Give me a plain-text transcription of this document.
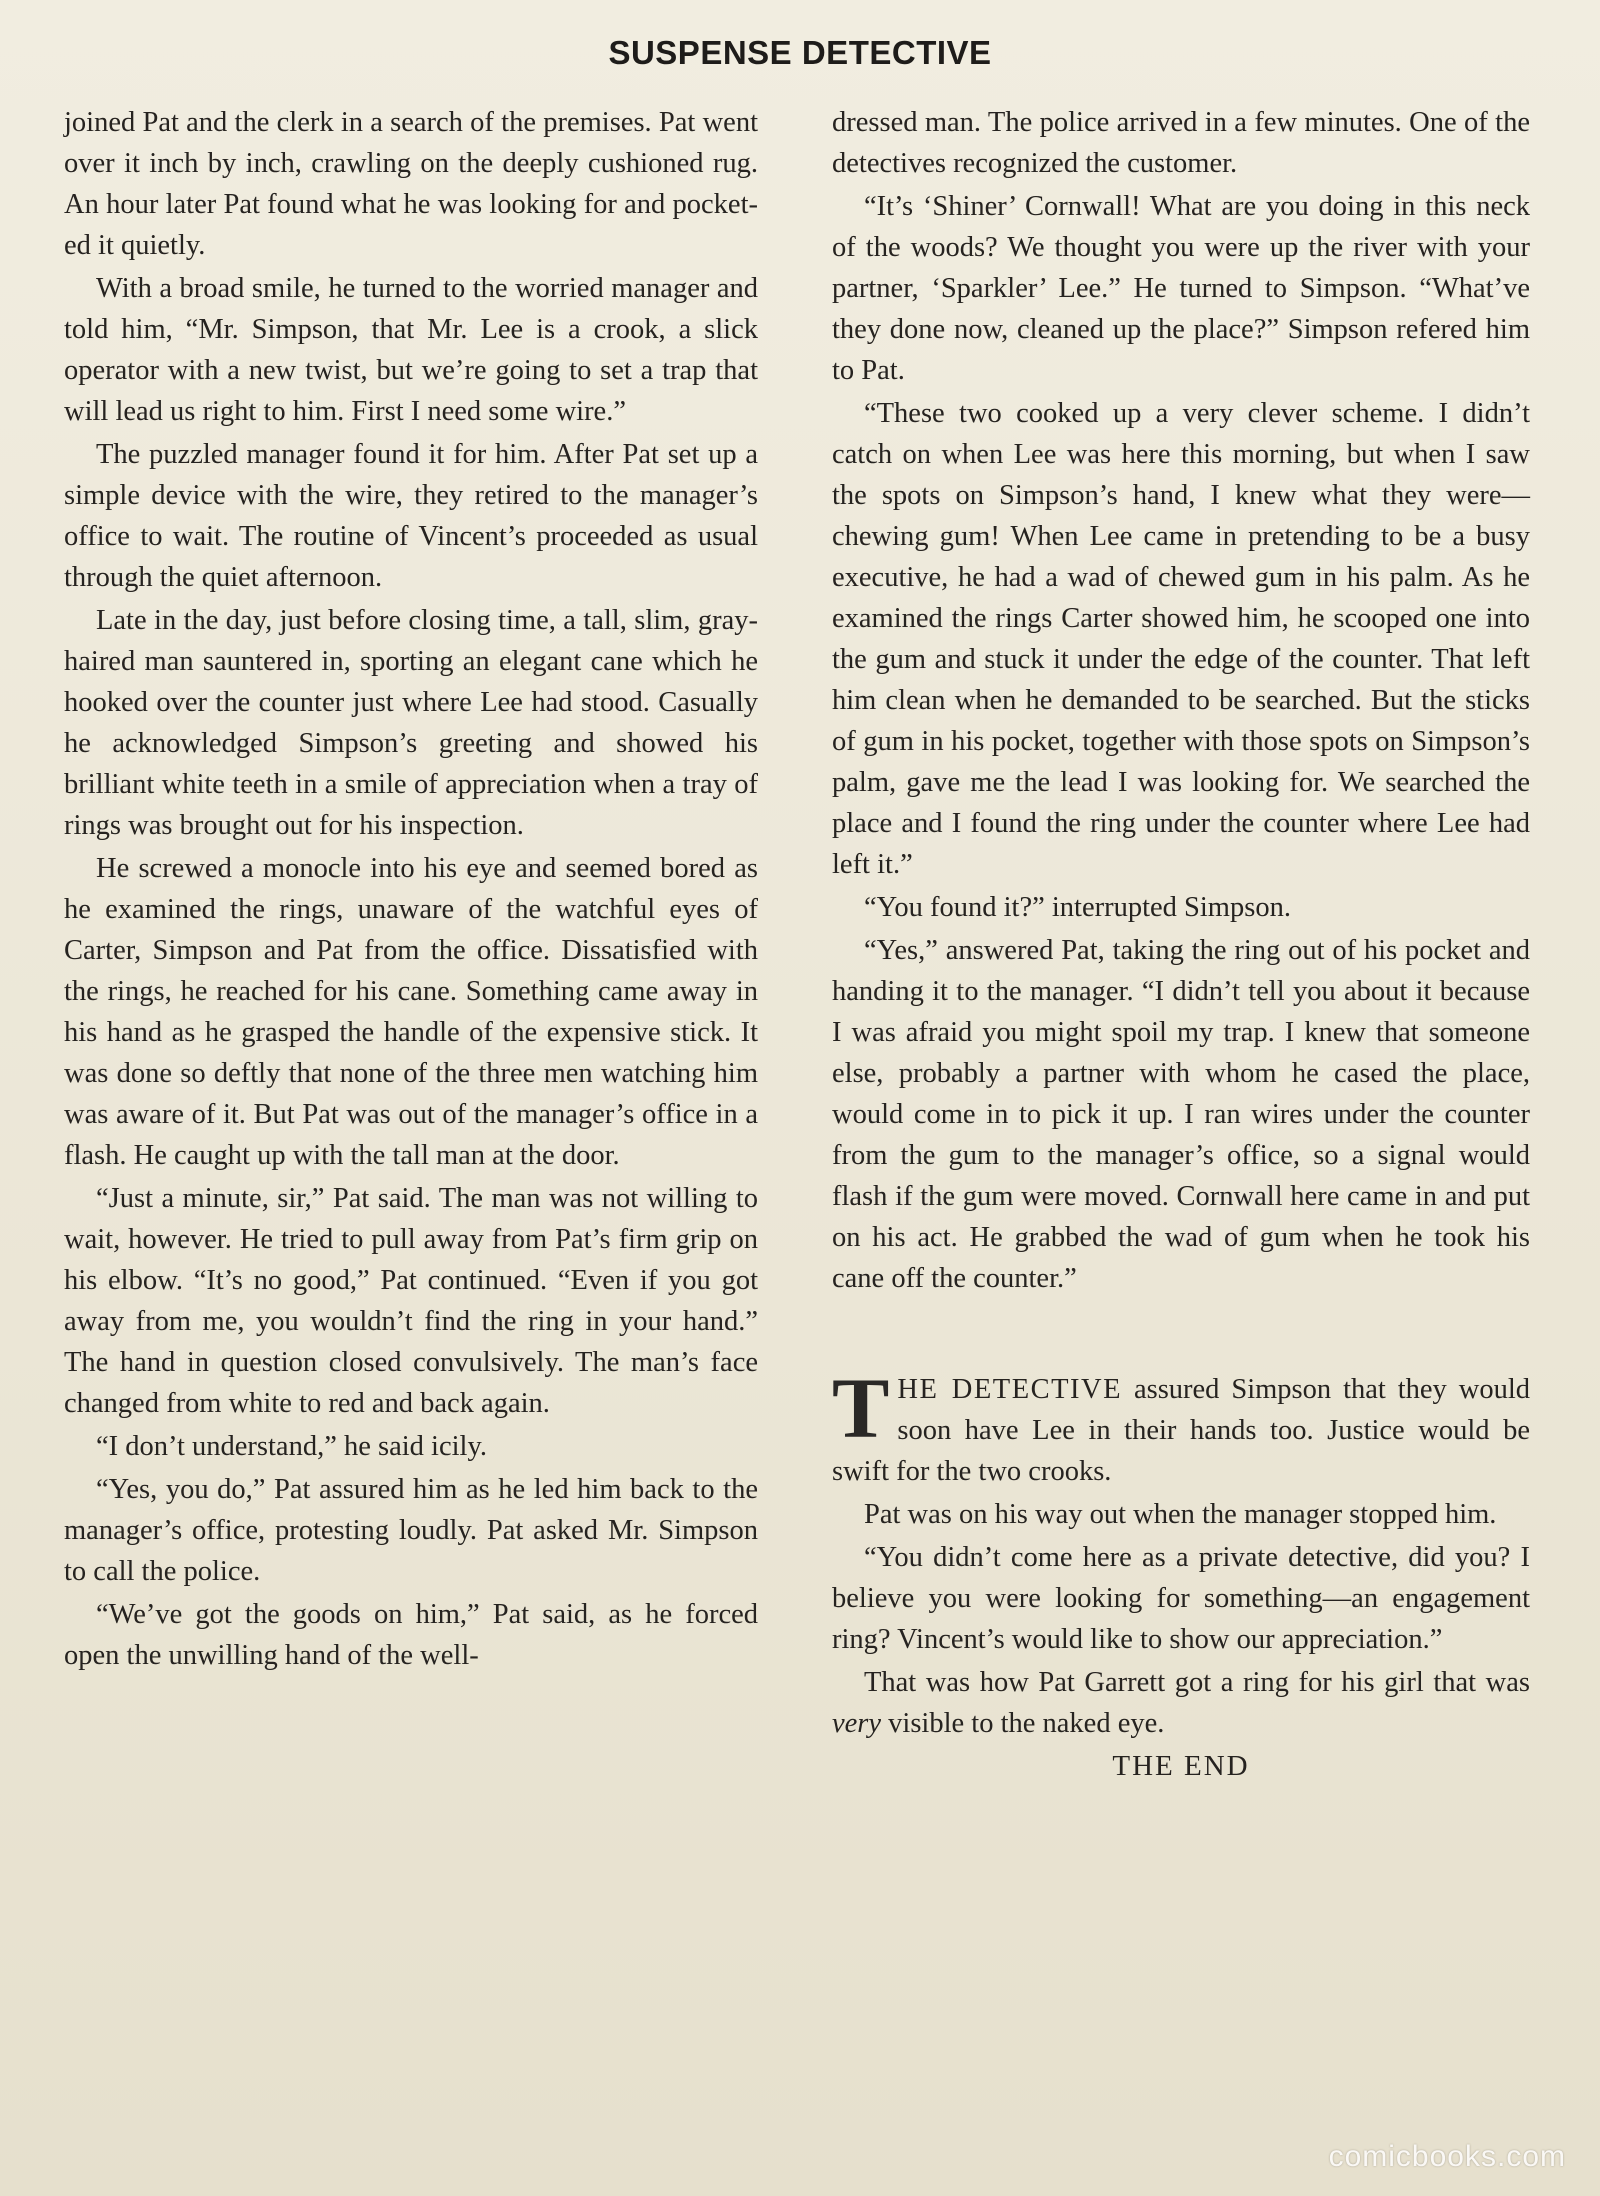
SUSPENSE DETECTIVE

joined Pat and the clerk in a search of the premises. Pat went over it inch by inch, crawling on the deeply cushioned rug. An hour later Pat found what he was looking for and pocketed it quietly.

With a broad smile, he turned to the worried manager and told him, “Mr. Simpson, that Mr. Lee is a crook, a slick operator with a new twist, but we’re going to set a trap that will lead us right to him. First I need some wire.”

The puzzled manager found it for him. After Pat set up a simple device with the wire, they retired to the manager’s office to wait. The routine of Vincent’s proceeded as usual through the quiet afternoon.

Late in the day, just before closing time, a tall, slim, gray-haired man sauntered in, sporting an elegant cane which he hooked over the counter just where Lee had stood. Casually he acknowledged Simpson’s greeting and showed his brilliant white teeth in a smile of appreciation when a tray of rings was brought out for his inspection.

He screwed a monocle into his eye and seemed bored as he examined the rings, unaware of the watchful eyes of Carter, Simpson and Pat from the office. Dissatisfied with the rings, he reached for his cane. Something came away in his hand as he grasped the handle of the expensive stick. It was done so deftly that none of the three men watching him was aware of it. But Pat was out of the manager’s office in a flash. He caught up with the tall man at the door.

“Just a minute, sir,” Pat said. The man was not willing to wait, however. He tried to pull away from Pat’s firm grip on his elbow. “It’s no good,” Pat continued. “Even if you got away from me, you wouldn’t find the ring in your hand.” The hand in question closed convulsively. The man’s face changed from white to red and back again.

“I don’t understand,” he said icily.

“Yes, you do,” Pat assured him as he led him back to the manager’s office, protesting loudly. Pat asked Mr. Simpson to call the police.

“We’ve got the goods on him,” Pat said, as he forced open the unwilling hand of the well-

dressed man. The police arrived in a few minutes. One of the detectives recognized the customer.

“It’s ‘Shiner’ Cornwall! What are you doing in this neck of the woods? We thought you were up the river with your partner, ‘Sparkler’ Lee.” He turned to Simpson. “What’ve they done now, cleaned up the place?” Simpson refered him to Pat.

“These two cooked up a very clever scheme. I didn’t catch on when Lee was here this morning, but when I saw the spots on Simpson’s hand, I knew what they were—chewing gum! When Lee came in pretending to be a busy executive, he had a wad of chewed gum in his palm. As he examined the rings Carter showed him, he scooped one into the gum and stuck it under the edge of the counter. That left him clean when he demanded to be searched. But the sticks of gum in his pocket, together with those spots on Simpson’s palm, gave me the lead I was looking for. We searched the place and I found the ring under the counter where Lee had left it.”

“You found it?” interrupted Simpson.

“Yes,” answered Pat, taking the ring out of his pocket and handing it to the manager. “I didn’t tell you about it because I was afraid you might spoil my trap. I knew that someone else, probably a partner with whom he cased the place, would come in to pick it up. I ran wires under the counter from the gum to the manager’s office, so a signal would flash if the gum were moved. Cornwall here came in and put on his act. He grabbed the wad of gum when he took his cane off the counter.”

THE DETECTIVE assured Simpson that they would soon have Lee in their hands too. Justice would be swift for the two crooks.

Pat was on his way out when the manager stopped him.

“You didn’t come here as a private detective, did you? I believe you were looking for something—an engagement ring? Vincent’s would like to show our appreciation.”

That was how Pat Garrett got a ring for his girl that was very visible to the naked eye.

THE END
comicbooks.com
